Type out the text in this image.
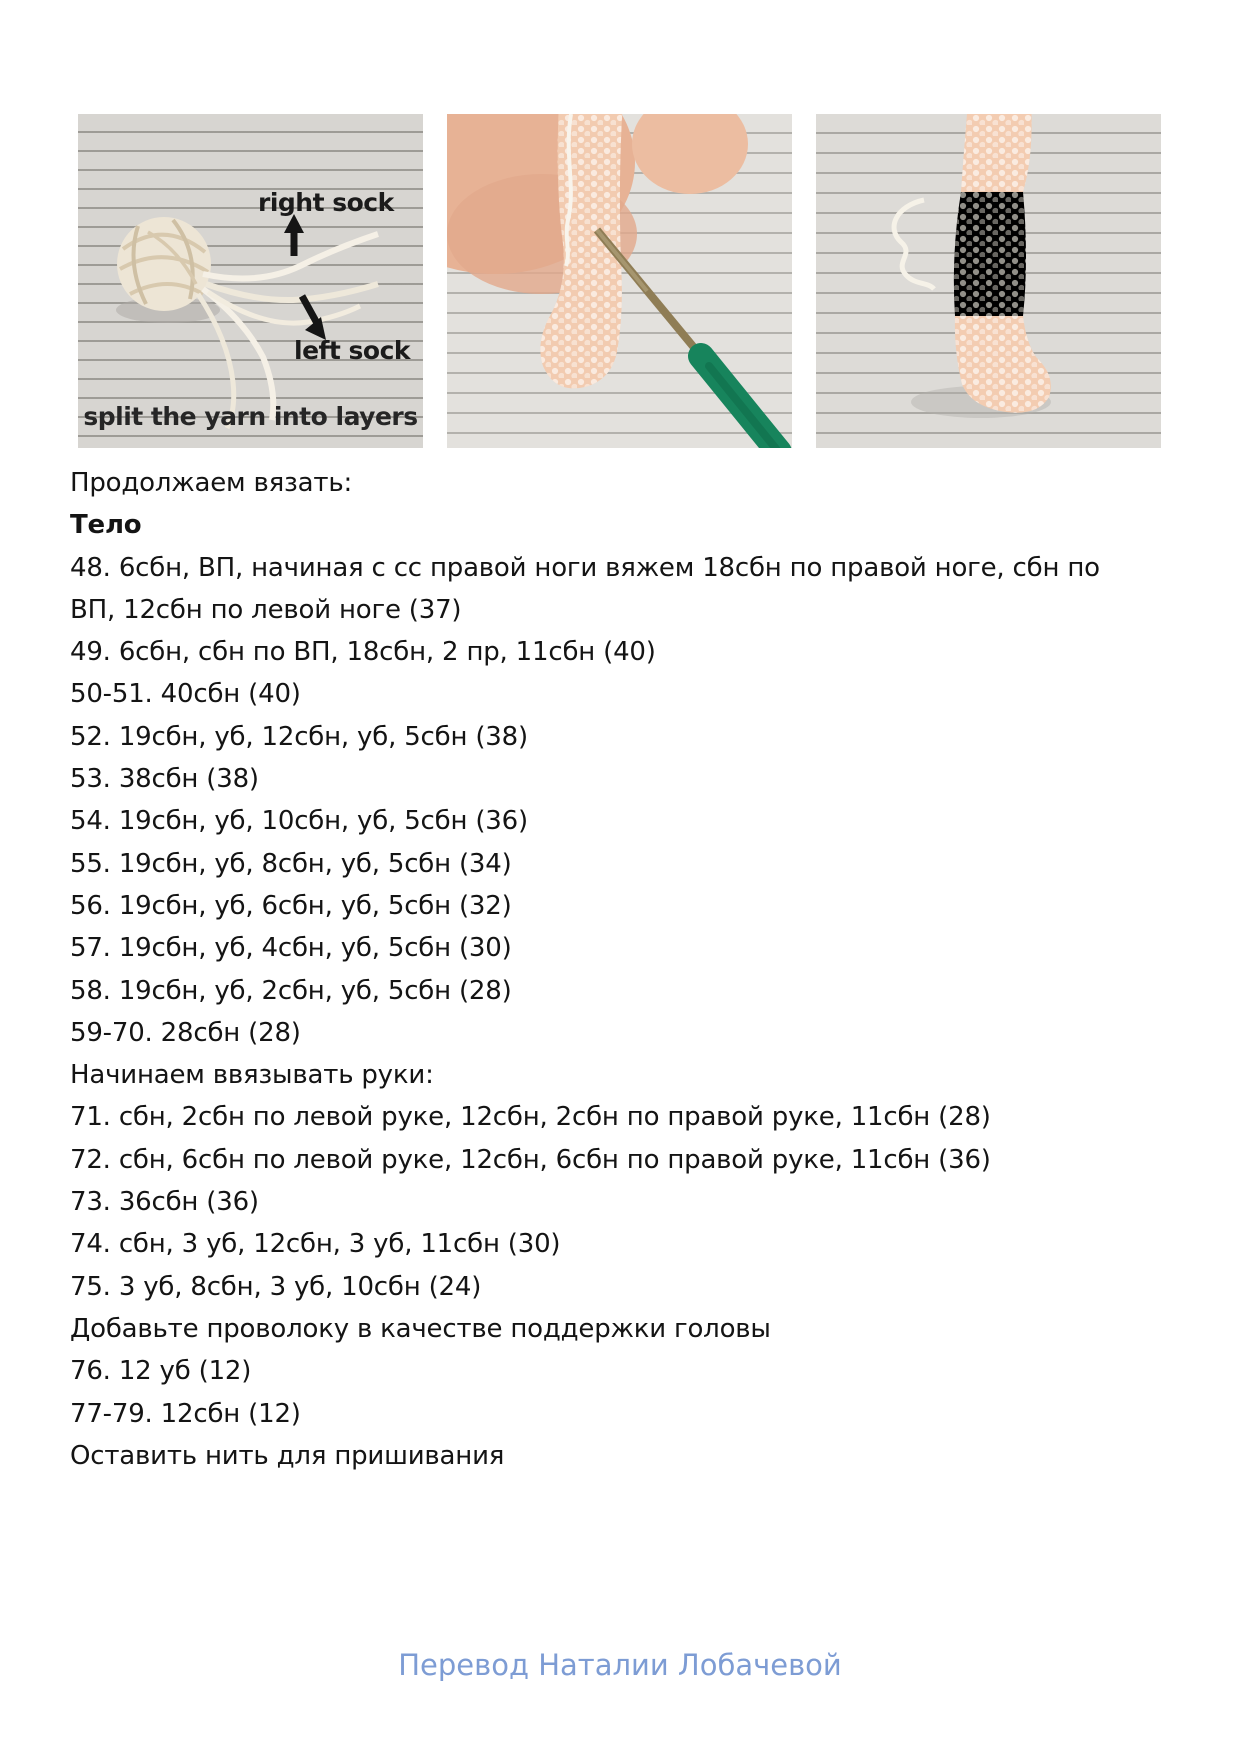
right sock
left sock
split the yarn into layers
Продолжаем вязать:
Тело
48. 6сбн, ВП, начиная с сс правой ноги вяжем 18сбн по правой ноге, сбн по
ВП, 12сбн по левой ноге (37)
49. 6сбн, сбн по ВП, 18сбн, 2 пр, 11сбн (40)
50-51. 40сбн (40)
52. 19сбн, уб, 12сбн, уб, 5сбн (38)
53. 38сбн (38)
54. 19сбн, уб, 10сбн, уб, 5сбн (36)
55. 19сбн, уб, 8сбн, уб, 5сбн (34)
56. 19сбн, уб, 6сбн, уб, 5сбн (32)
57. 19сбн, уб, 4сбн, уб, 5сбн (30)
58. 19сбн, уб, 2сбн, уб, 5сбн (28)
59-70. 28сбн (28)
Начинаем ввязывать руки:
71. сбн, 2сбн по левой руке, 12сбн, 2сбн по правой руке, 11сбн (28)
72. сбн, 6сбн по левой руке, 12сбн, 6сбн по правой руке, 11сбн (36)
73. 36сбн (36)
74. сбн, 3 уб, 12сбн, 3 уб, 11сбн (30)
75. 3 уб, 8сбн, 3 уб, 10сбн (24)
Добавьте проволоку в качестве поддержки головы
76. 12 уб (12)
77-79. 12сбн (12)
Оставить нить для пришивания
Перевод Наталии Лобачевой
